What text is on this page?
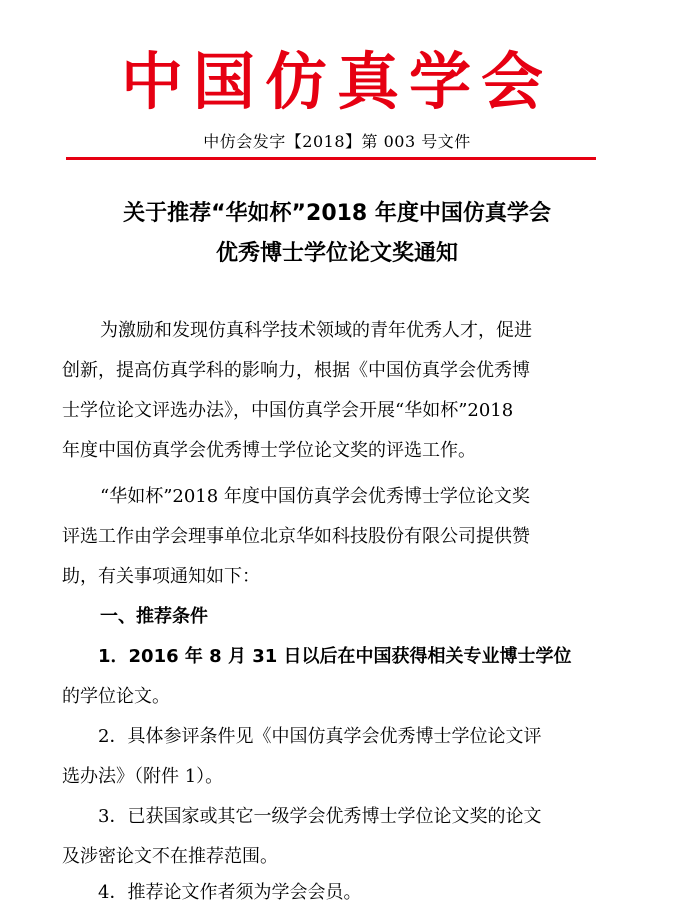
中国仿真学会
中仿会发字【2018】第 003 号文件
关于推荐“华如杯”2018 年度中国仿真学会
优秀博士学位论文奖通知
为激励和发现仿真科学技术领域的青年优秀人才，促进
创新，提高仿真学科的影响力，根据《中国仿真学会优秀博
士学位论文评选办法》，中国仿真学会开展“华如杯”2018
年度中国仿真学会优秀博士学位论文奖的评选工作。
“华如杯”2018 年度中国仿真学会优秀博士学位论文奖
评选工作由学会理事单位北京华如科技股份有限公司提供赞
助，有关事项通知如下：
一、推荐条件
1．2016 年 8 月 31 日以后在中国获得相关专业博士学位
的学位论文。
2．具体参评条件见《中国仿真学会优秀博士学位论文评
选办法》（附件 1）。
3．已获国家或其它一级学会优秀博士学位论文奖的论文
及涉密论文不在推荐范围。
4．推荐论文作者须为学会会员。
